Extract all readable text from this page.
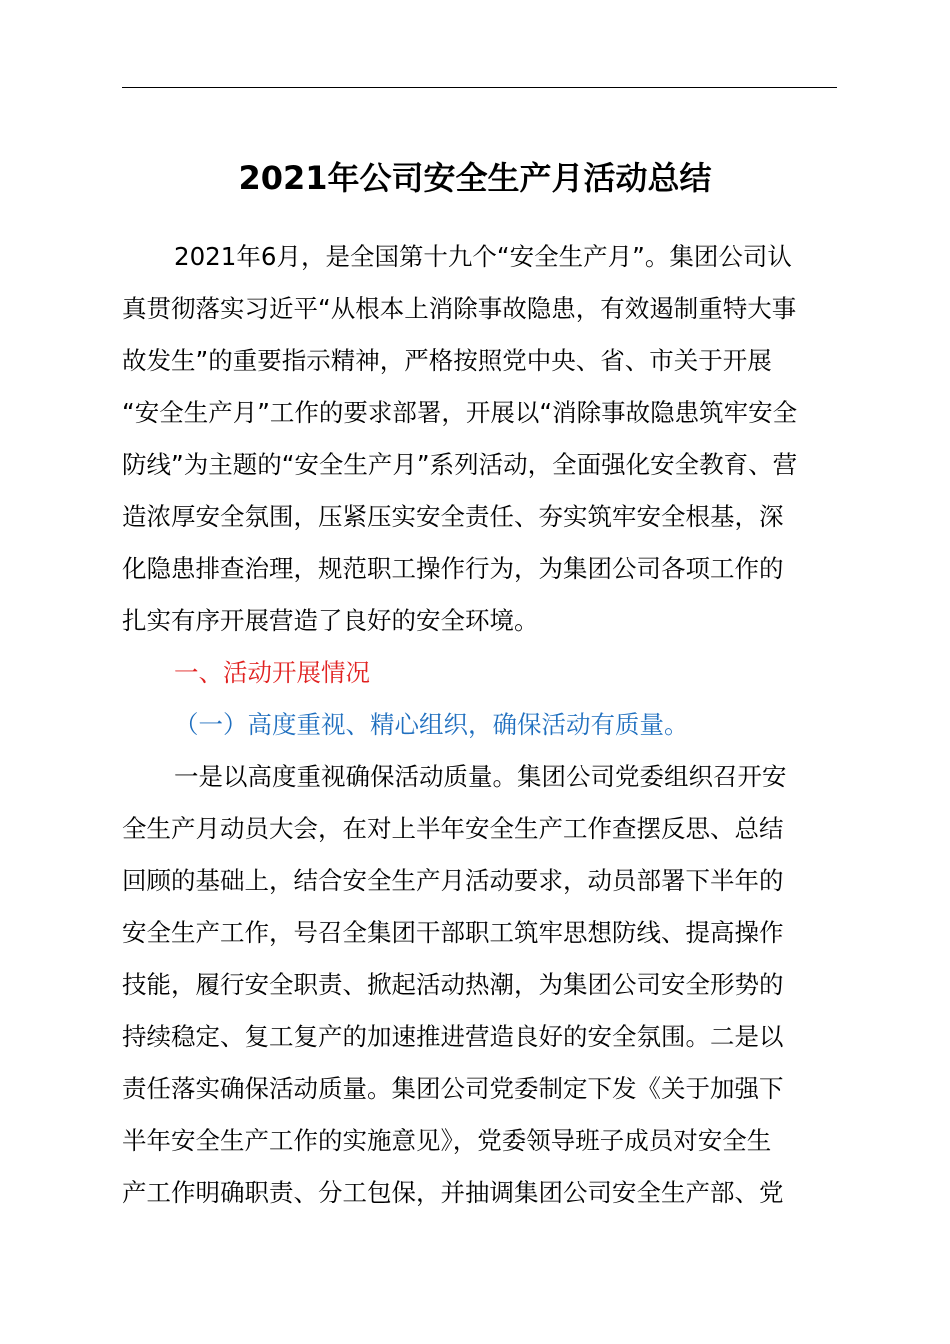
2021年公司安全生产月活动总结
2021年6月，是全国第十九个“安全生产月”。集团公司认
真贯彻落实习近平“从根本上消除事故隐患，有效遏制重特大事
故发生”的重要指示精神，严格按照党中央、省、市关于开展
“安全生产月”工作的要求部署，开展以“消除事故隐患筑牢安全
防线”为主题的“安全生产月”系列活动，全面强化安全教育、营
造浓厚安全氛围，压紧压实安全责任、夯实筑牢安全根基，深
化隐患排查治理，规范职工操作行为，为集团公司各项工作的
扎实有序开展营造了良好的安全环境。
一、活动开展情况
（一）高度重视、精心组织，确保活动有质量。
一是以高度重视确保活动质量。集团公司党委组织召开安
全生产月动员大会，在对上半年安全生产工作查摆反思、总结
回顾的基础上，结合安全生产月活动要求，动员部署下半年的
安全生产工作，号召全集团干部职工筑牢思想防线、提高操作
技能，履行安全职责、掀起活动热潮，为集团公司安全形势的
持续稳定、复工复产的加速推进营造良好的安全氛围。二是以
责任落实确保活动质量。集团公司党委制定下发《关于加强下
半年安全生产工作的实施意见》，党委领导班子成员对安全生
产工作明确职责、分工包保，并抽调集团公司安全生产部、党
